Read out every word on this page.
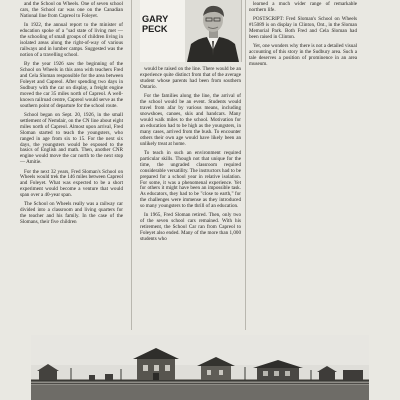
and the School on Wheels. One of seven school cars, the School car was one on the Canadian National line from Capreol to Foleyet.

In 1922, the annual report to the minister of education spoke of a "sad state of living met — the schooling of small groups of children living in isolated areas along the right-of-way of various railways and in lumber camps. Suggested was the notion of a travelling school.

By the year 1926 saw the beginning of the School on Wheels in this area with teachers Fred and Cela Sloman responsible for the area between Foleyet and Capreol. After spending two days in Sudbury with the car on display, a freight engine moved the car 35 miles north of Capreol. A well-known railroad centre, Capreol would serve as the southern point of departure for the school route.

School began on Sept. 20, 1926, in the small settlement of Nemdair, on the CN line about eight miles north of Capreol. Almost upon arrival, Fred Sloman started to teach the youngsters, who ranged in age from six to 15. For the next six days, the youngsters would be exposed to the basics of English and math. Then, another CNR engine would move the car north to the next stop — Amitie.

For the next 32 years, Fred Sloman's School on Wheels would trek the 146 miles between Capreol and Foleyet. What was expected to be a short experiment would become a venture that would span over a 40-year span.

The School on Wheels really was a railway car divided into a classroom and living quarters for the teacher and his family. In the case of the Slomans, their five children

GARY
PECK

would be raised on the line. There would be an experience quite distinct from that of the average student whose parents had been from southern Ontario.

For the families along the line, the arrival of the school would be an event. Students would travel from afar by various means, including snowshoes, canoes, skis and handcars. Many would walk miles to the school. Motivation for an education had to be high as the youngsters, in many cases, arrived from the bush. To encounter others their own age would have likely been an unlikely treat at home.

To teach in such an environment required particular skills. Though not that unique for the time, the ungraded classroom required considerable versatility. The instructors had to be prepared for a school year in relative isolation. For some, it was a phenomenal experience. Yet for others it might have been an impossible task. As educators, they had to be "close to earth," for the challenges were immense as they introduced so many youngsters to the thrill of an education.

In 1965, Fred Sloman retired. Then, only two of the seven school cars remained. With his retirement, the School Car ran from Capreol to Foleyet also ended. Many of the more than 1,000 students who

learned a much wider range of remarkable northern life.

POSTSCRIPT: Fred Sloman's School on Wheels #15089 is on display in Clinton, Ont., in the Sloman Memorial Park. Both Fred and Cela Sloman had been raised in Clinton.

Yet, one wonders why there is not a detailed visual accounting of this story in the Sudbury area. Such a tale deserves a position of prominence in an area museum.
